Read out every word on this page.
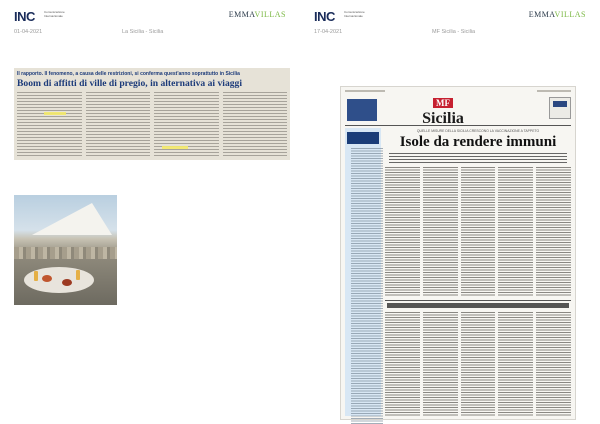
INC	Comunicazione Internazionale	EMMAVILLAS
01-04-2021	La Sicilia - Sicilia
Il rapporto. Il fenomeno, a causa delle restrizioni, si conferma quest'anno soprattutto in Sicilia
Boom di affitti di ville di pregio, in alternativa ai viaggi
INC	Comunicazione Internazionale	EMMAVILLAS
17-04-2021	MF Sicilia - Sicilia
MF
Sicilia
QUELLE MISURE DELLA SICILIA CRESCONO LA VACCINAZIONE A TAPPETO
Isole da rendere immuni
